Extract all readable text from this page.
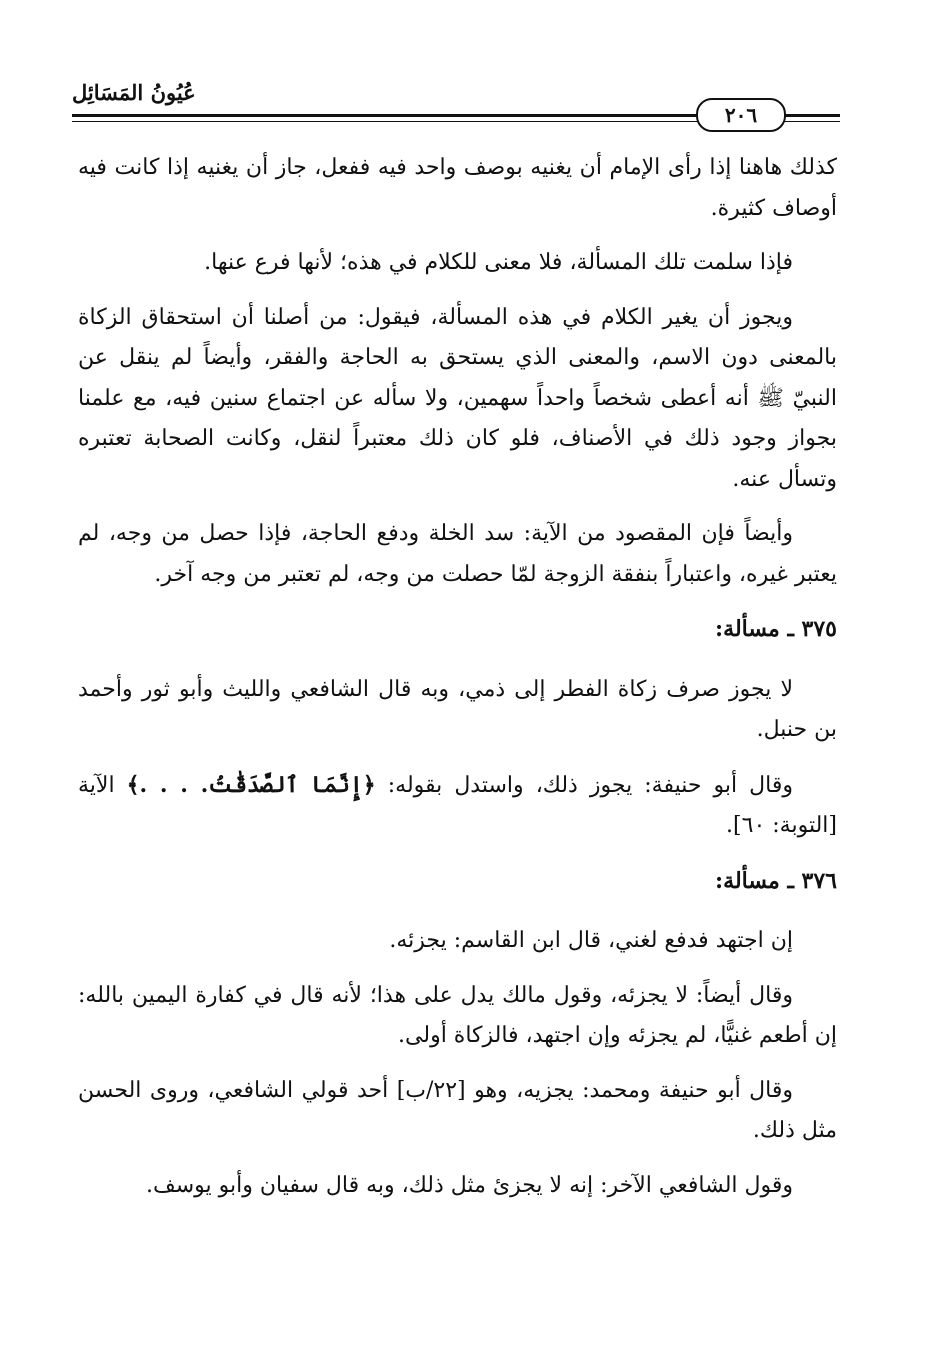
عُيُونُ المَسَائِل
٢٠٦

كذلك هاهنا إذا رأى الإمام أن يغنيه بوصف واحد فيه ففعل، جاز أن يغنيه إذا كانت فيه أوصاف كثيرة.

فإذا سلمت تلك المسألة، فلا معنى للكلام في هذه؛ لأنها فرع عنها.

ويجوز أن يغير الكلام في هذه المسألة، فيقول: من أصلنا أن استحقاق الزكاة بالمعنى دون الاسم، والمعنى الذي يستحق به الحاجة والفقر، وأيضاً لم ينقل عن النبيّ ﷺ أنه أعطى شخصاً واحداً سهمين، ولا سأله عن اجتماع سنين فيه، مع علمنا بجواز وجود ذلك في الأصناف، فلو كان ذلك معتبراً لنقل، وكانت الصحابة تعتبره وتسأل عنه.

وأيضاً فإن المقصود من الآية: سد الخلة ودفع الحاجة، فإذا حصل من وجه، لم يعتبر غيره، واعتباراً بنفقة الزوجة لمّا حصلت من وجه، لم تعتبر من وجه آخر.

٣٧٥ ـ مسألة:

لا يجوز صرف زكاة الفطر إلى ذمي، وبه قال الشافعي والليث وأبو ثور وأحمد بن حنبل.

وقال أبو حنيفة: يجوز ذلك، واستدل بقوله: ﴿إِنَّمَا ٱلصَّدَقَٰتُ. . . .﴾ الآية [التوبة: ٦٠].

٣٧٦ ـ مسألة:

إن اجتهد فدفع لغني، قال ابن القاسم: يجزئه.

وقال أيضاً: لا يجزئه، وقول مالك يدل على هذا؛ لأنه قال في كفارة اليمين بالله: إن أطعم غنيًّا، لم يجزئه وإن اجتهد، فالزكاة أولى.

وقال أبو حنيفة ومحمد: يجزيه، وهو [٢٢/ب] أحد قولي الشافعي، وروى الحسن مثل ذلك.

وقول الشافعي الآخر: إنه لا يجزئ مثل ذلك، وبه قال سفيان وأبو يوسف.
